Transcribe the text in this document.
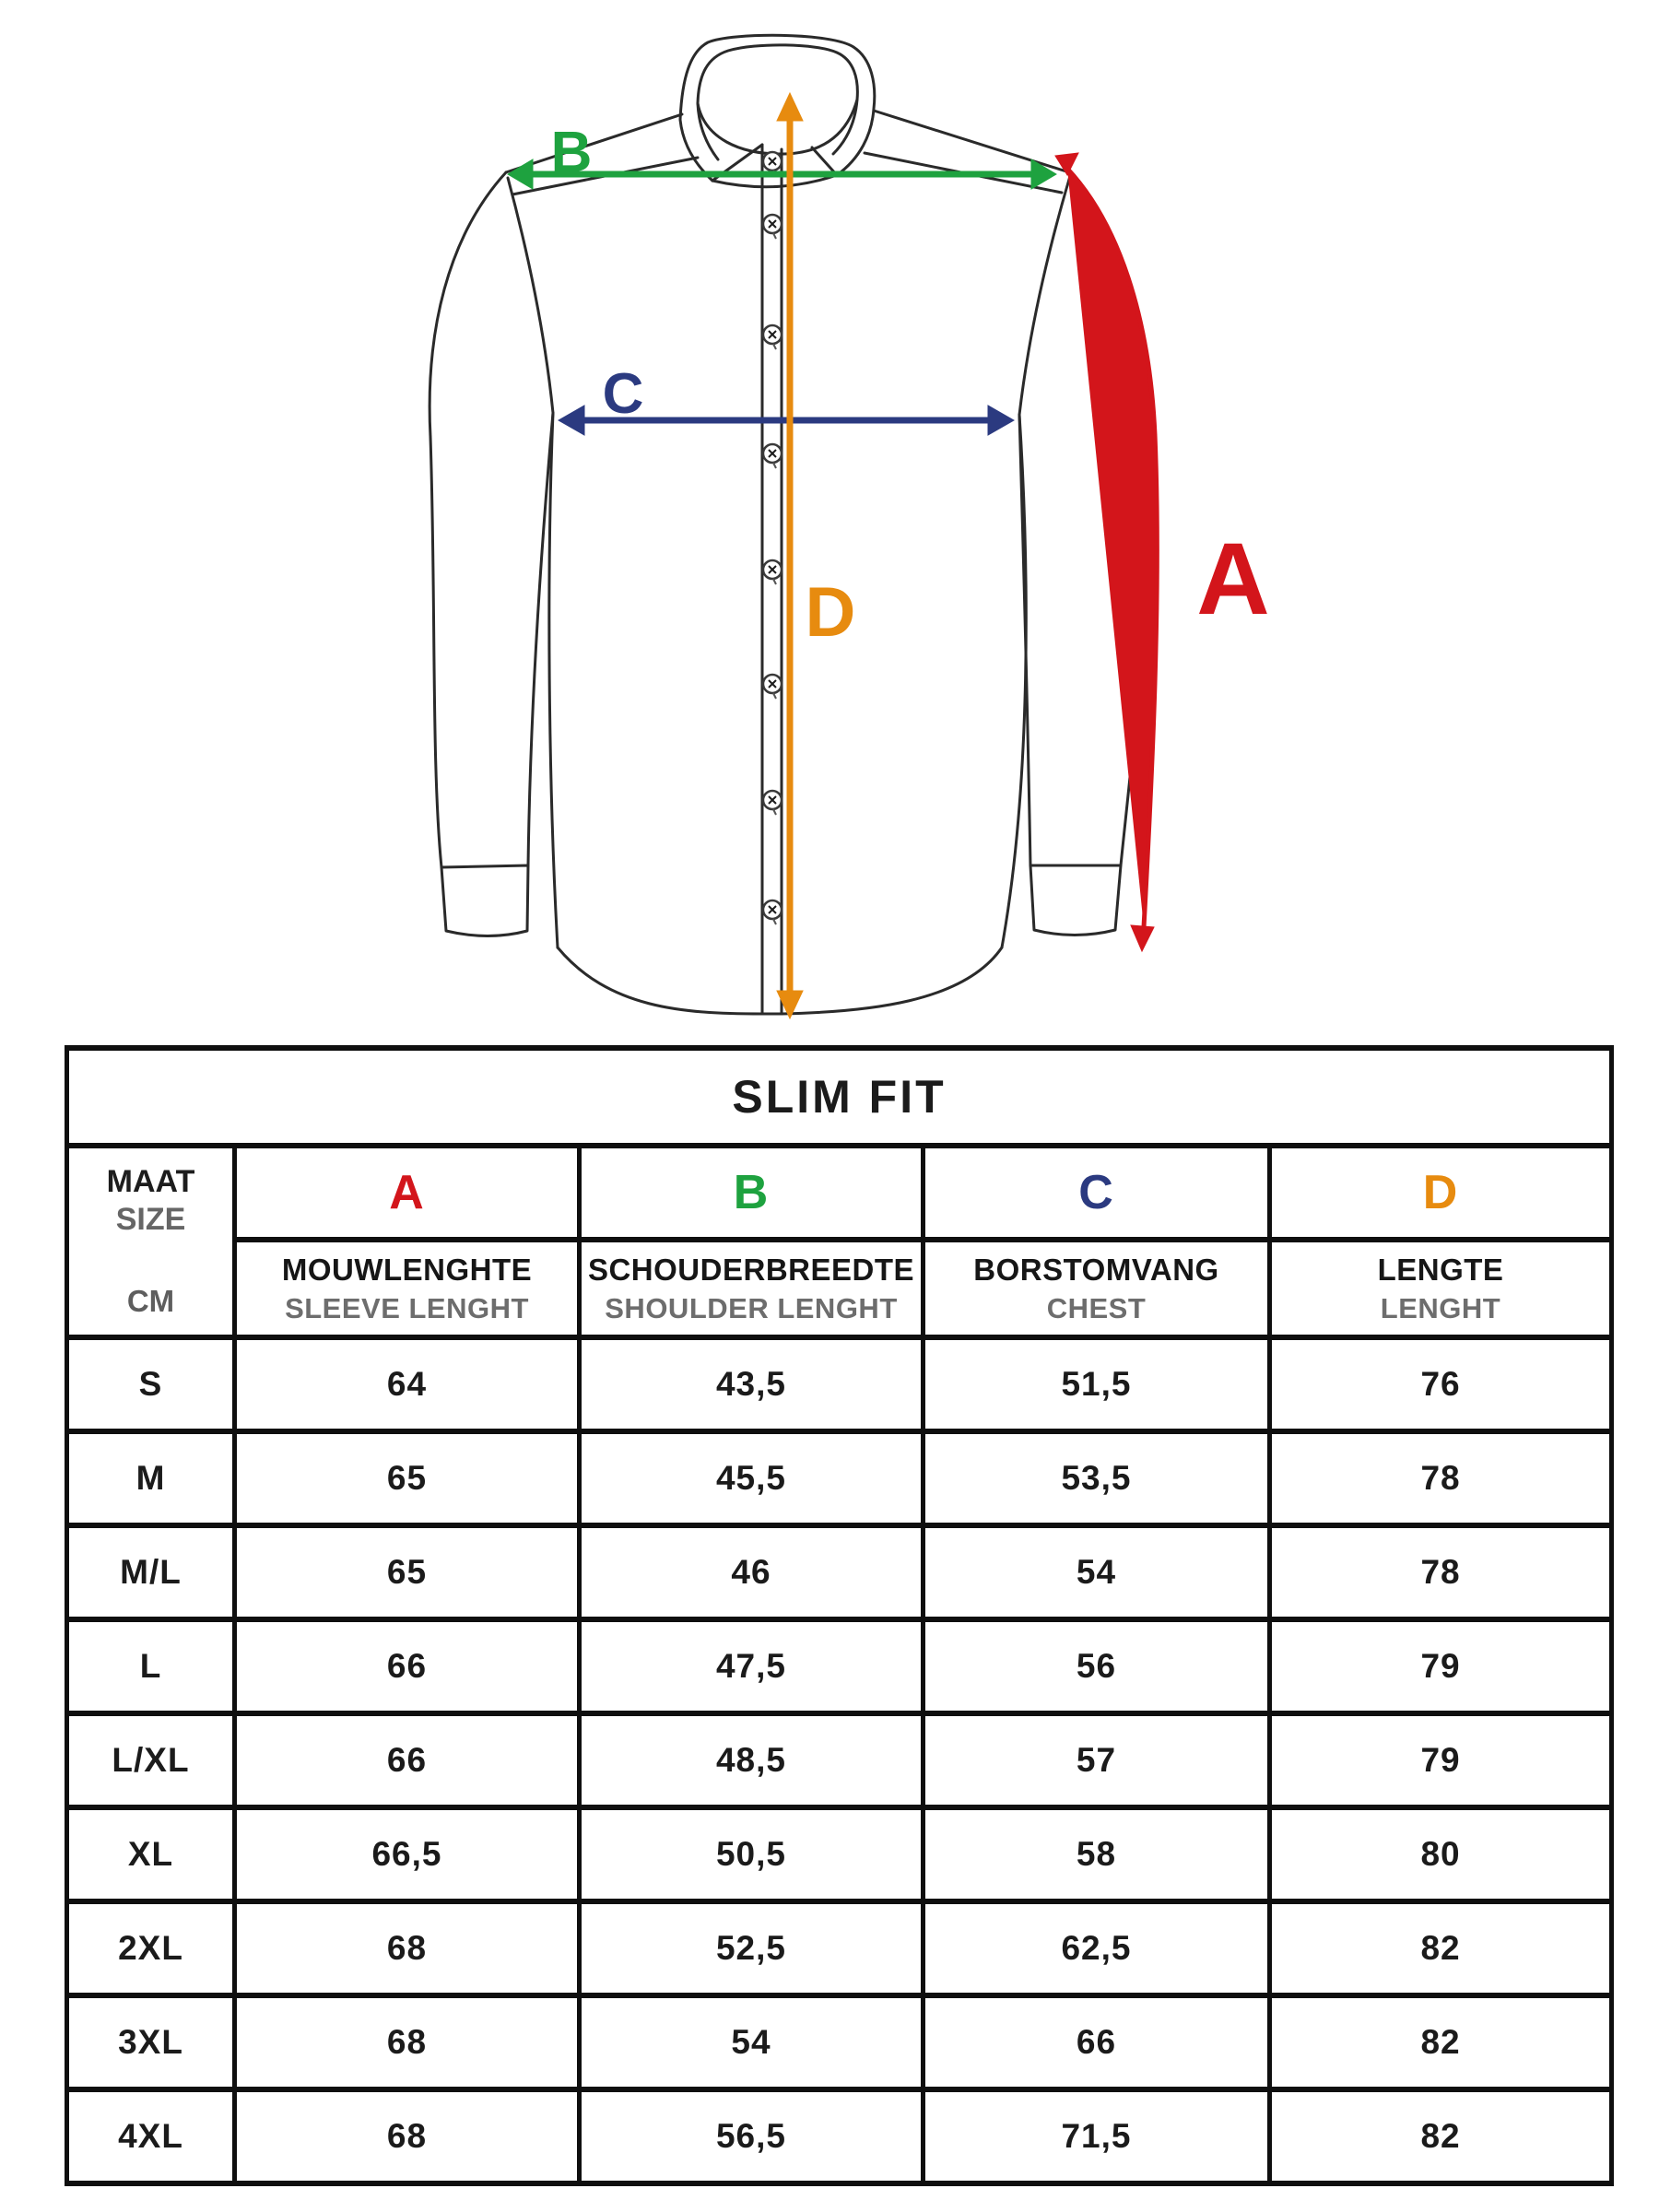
B
C
D	A
SLIM FIT				

MAAT
SIZE
CM	A	B	C	D

MOUWLENGHTE
SLEEVE LENGHT

SCHOUDERBREEDTE
SHOULDER LENGHT

BORSTOMVANG
CHEST

LENGTE
LENGHT

S	64	43,5	51,5	76
M	65	45,5	53,5	78
M/L	65	46	54	78
L	66	47,5	56	79
L/XL	66	48,5	57	79
XL	66,5	50,5	58	80
2XL	68	52,5	62,5	82
3XL	68	54	66	82
4XL	68	56,5	71,5	82
